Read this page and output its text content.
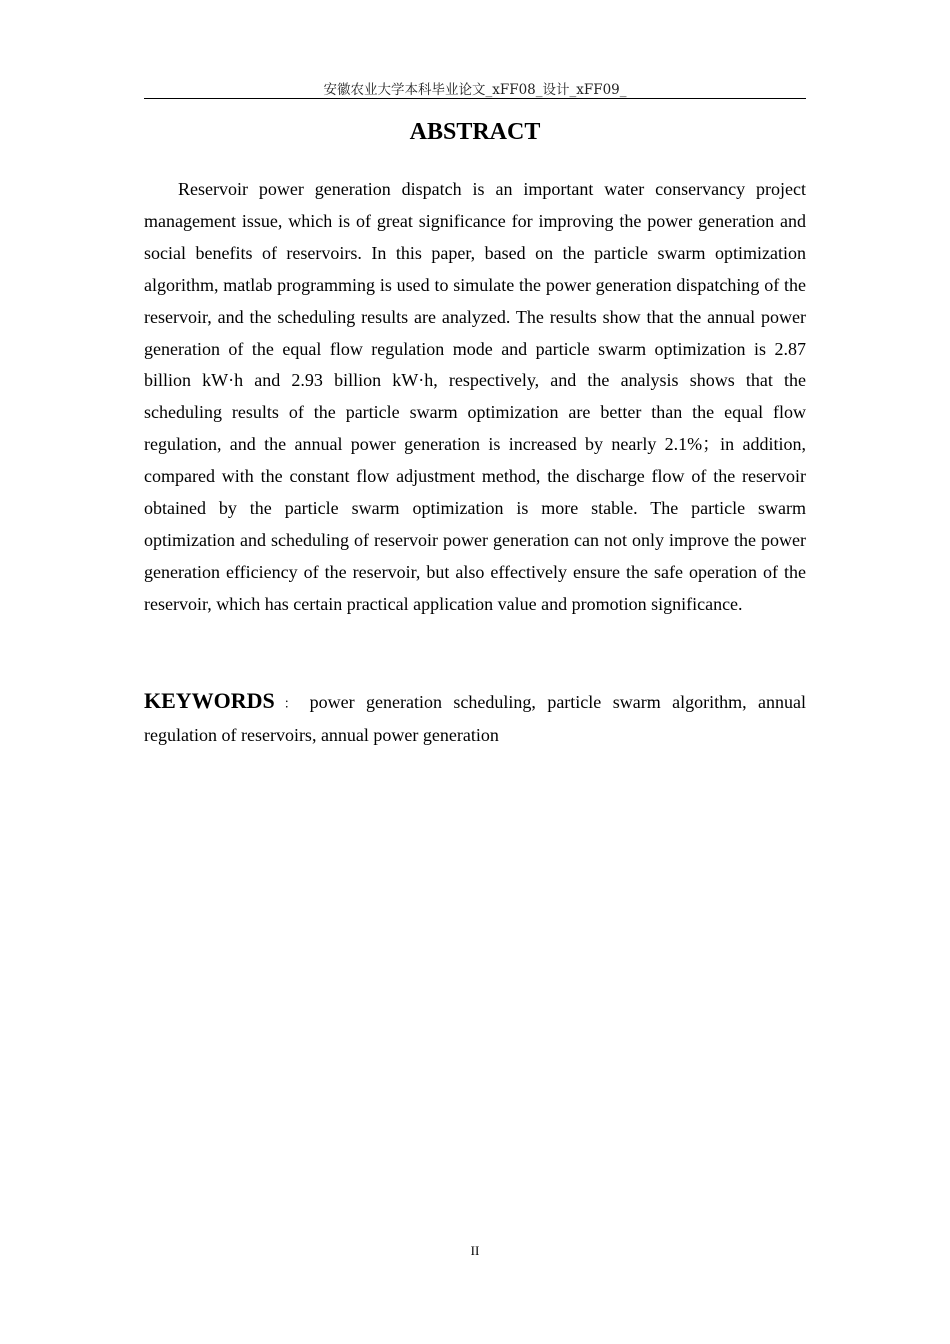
安徽农业大学本科毕业论文_xFF08_设计_xFF09_
ABSTRACT

Reservoir power generation dispatch is an important water conservancy project management issue, which is of great significance for improving the power generation and social benefits of reservoirs. In this paper, based on the particle swarm optimization algorithm, matlab programming is used to simulate the power generation dispatching of the reservoir, and the scheduling results are analyzed. The results show that the annual power generation of the equal flow regulation mode and particle swarm optimization is 2.87 billion kW·h and 2.93 billion kW·h, respectively, and the analysis shows that the scheduling results of the particle swarm optimization are better than the equal flow regulation, and the annual power generation is increased by nearly 2.1%；in addition, compared with the constant flow adjustment method, the discharge flow of the reservoir obtained by the particle swarm optimization is more stable. The particle swarm optimization and scheduling of reservoir power generation can not only improve the power generation efficiency of the reservoir, but also effectively ensure the safe operation of the reservoir, which has certain practical application value and promotion significance.

KEYWORDS ： power generation scheduling, particle swarm algorithm, annual regulation of reservoirs, annual power generation

II
